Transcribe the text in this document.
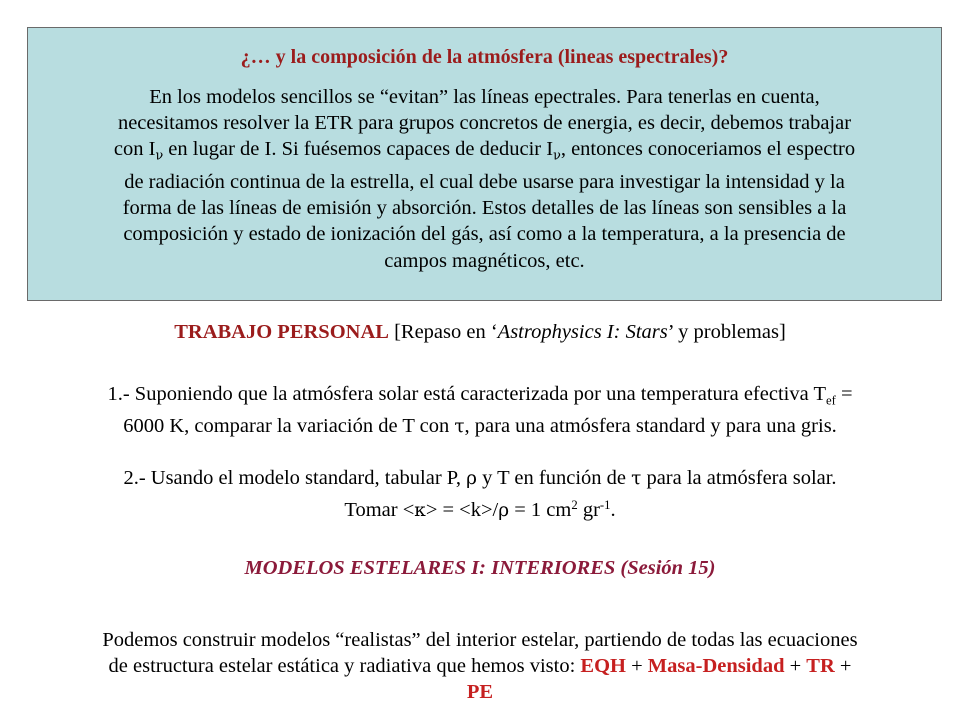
¿… y la composición de la atmósfera (lineas espectrales)?
En los modelos sencillos se “evitan” las líneas epectrales. Para tenerlas en cuenta,
necesitamos resolver la ETR para grupos concretos de energia, es decir, debemos trabajar
con $I_\nu$ en lugar de I. Si fuésemos capaces de deducir $I_\nu$, entonces conoceriamos el espectro
de radiación continua de la estrella, el cual debe usarse para investigar la intensidad y la
forma de las líneas de emisión y absorción. Estos detalles de las líneas son sensibles a la
composición y estado de ionización del gás, así como a la temperatura, a la presencia de
campos magnéticos, etc.
TRABAJO PERSONAL [Repaso en ‘Astrophysics I: Stars’ y problemas]
1.- Suponiendo que la atmósfera solar está caracterizada por una temperatura efectiva $T_{ef}$ =
6000 K, comparar la variación de T con τ, para una atmósfera standard y para una gris.
2.- Usando el modelo standard, tabular P, ρ y T en función de τ para la atmósfera solar.
Tomar <κ> = <k>/ρ = 1 $cm^2$ $gr^{-1}$.
MODELOS ESTELARES I: INTERIORES (Sesión 15)
Podemos construir modelos “realistas” del interior estelar, partiendo de todas las ecuaciones
de estructura estelar estática y radiativa que hemos visto: EQH + Masa-Densidad + TR +
PE
